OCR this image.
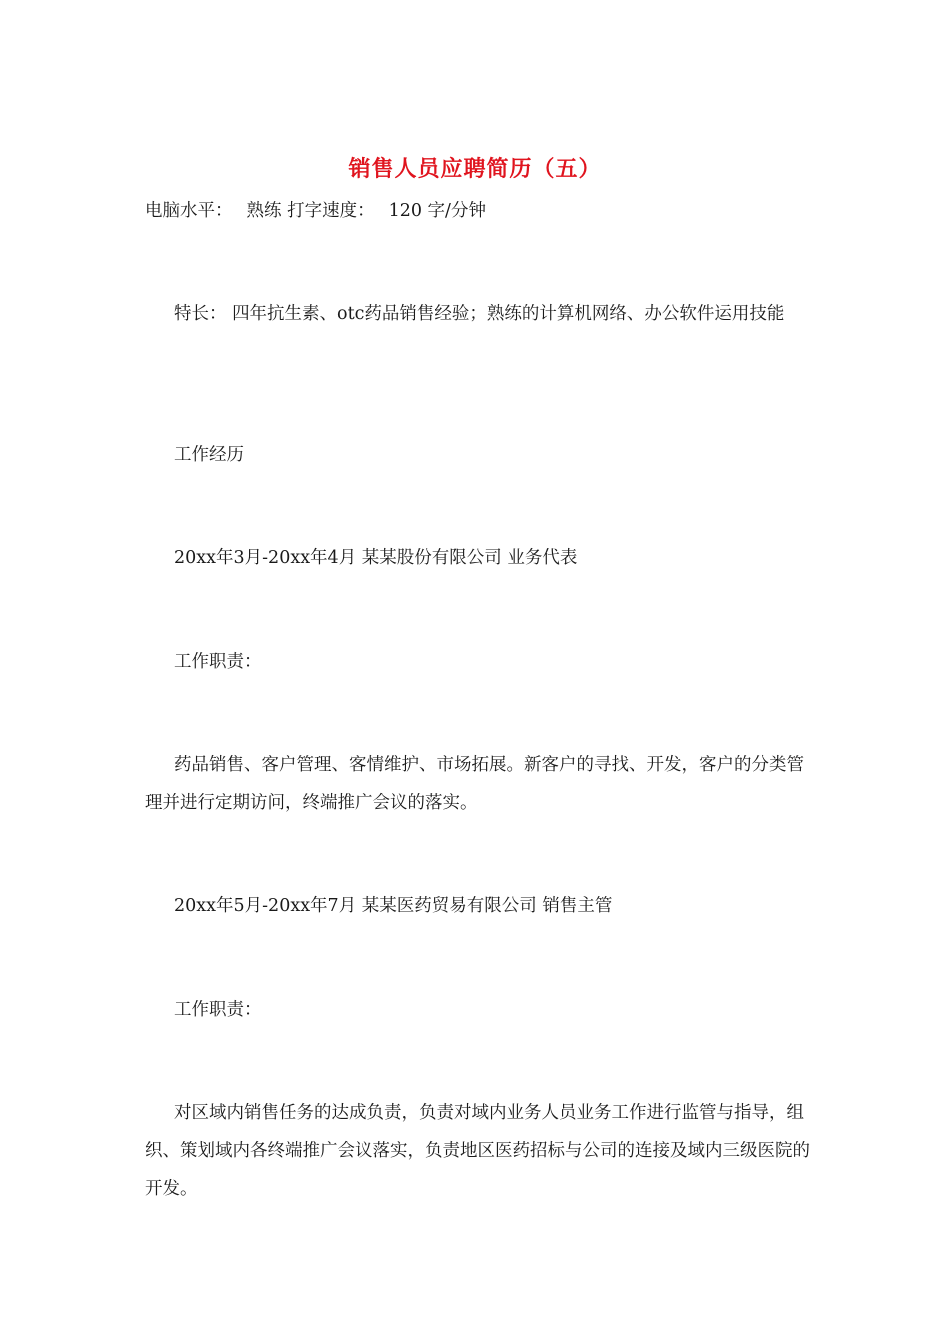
销售人员应聘简历（五）
电脑水平： 熟练 打字速度： 120 字/分钟
特长： 四年抗生素、otc药品销售经验；熟练的计算机网络、办公软件运用技能
工作经历
20xx年3月-20xx年4月 某某股份有限公司 业务代表
工作职责：
药品销售、客户管理、客情维护、市场拓展。新客户的寻找、开发，客户的分类管理并进行定期访问，终端推广会议的落实。
20xx年5月-20xx年7月 某某医药贸易有限公司 销售主管
工作职责：
对区域内销售任务的达成负责，负责对域内业务人员业务工作进行监管与指导，组织、策划域内各终端推广会议落实，负责地区医药招标与公司的连接及域内三级医院的开发。
